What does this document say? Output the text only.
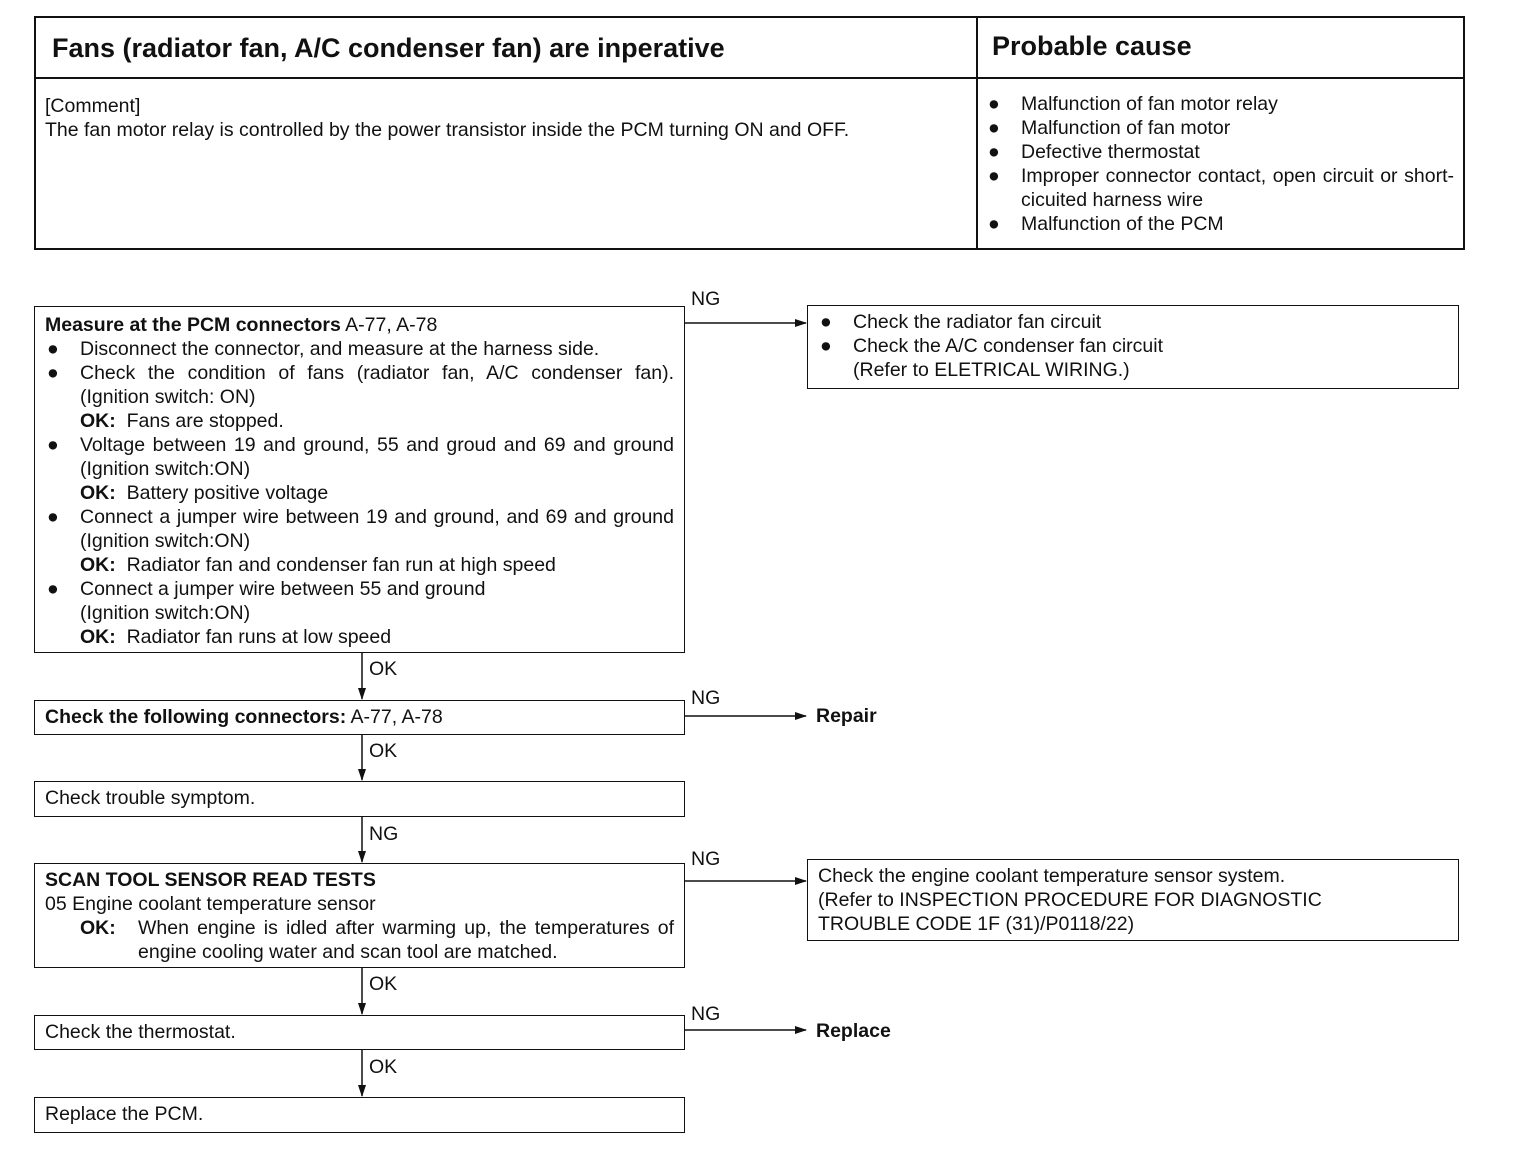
Fans (radiator fan, A/C condenser fan) are inperative	Probable cause
[Comment]
The fan motor relay is controlled by the power transistor inside the PCM turning ON and OFF.
● Malfunction of fan motor relay
● Malfunction of fan motor
● Defective thermostat
● Improper connector contact, open circuit or short-cicuited harness wire
● Malfunction of the PCM
Measure at the PCM connectors A-77, A-78
● Disconnect the connector, and measure at the harness side.
● Check the condition of fans (radiator fan, A/C condenser fan). (Ignition switch: ON)
OK: Fans are stopped.
● Voltage between 19 and ground, 55 and groud and 69 and ground (Ignition switch:ON)
OK: Battery positive voltage
● Connect a jumper wire between 19 and ground, and 69 and ground (Ignition switch:ON)
OK: Radiator fan and condenser fan run at high speed
● Connect a jumper wire between 55 and ground
(Ignition switch:ON)
OK: Radiator fan runs at low speed
NG
● Check the radiator fan circuit
● Check the A/C condenser fan circuit
(Refer to ELETRICAL WIRING.)
OK
Check the following connectors: A-77, A-78
NG
Repair
OK
Check trouble symptom.
NG
SCAN TOOL SENSOR READ TESTS
05 Engine coolant temperature sensor
OK: When engine is idled after warming up, the temperatures of engine cooling water and scan tool are matched.
NG
Check the engine coolant temperature sensor system.
(Refer to INSPECTION PROCEDURE FOR DIAGNOSTIC
TROUBLE CODE 1F (31)/P0118/22)
OK
Check the thermostat.
NG
Replace
OK
Replace the PCM.
